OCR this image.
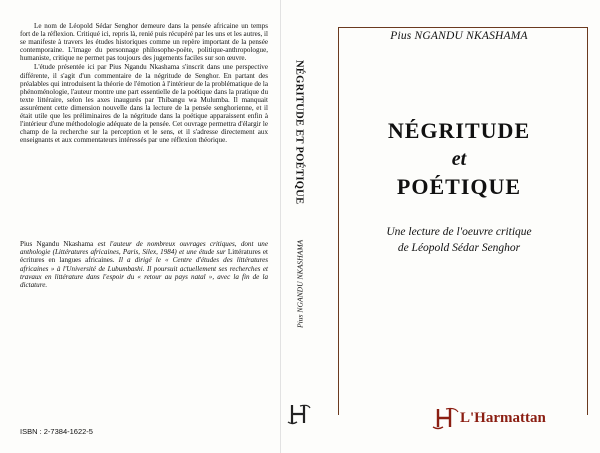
Le nom de Léopold Sédar Senghor demeure dans la pensée africaine un temps fort de la réflexion. Critiqué ici, repris là, renié puis récupéré par les uns et les autres, il se manifeste à travers les études historiques comme un repère important de la pensée contemporaine. L'image du personnage philosophe-poète, politique-anthropologue, humaniste, critique ne permet pas toujours des jugements faciles sur son œuvre.

L'étude présentée ici par Pius Ngandu Nkashama s'inscrit dans une perspective différente, il s'agit d'un commentaire de la négritude de Senghor. En partant des préalables qui introduisent la théorie de l'émotion à l'intérieur de la problématique de la phénoménologie, l'auteur montre une part essentielle de la poétique dans la pratique du texte littéraire, selon les axes inaugurés par Thibangu wa Mulumba. Il manquait assurément cette dimension nouvelle dans la lecture de la pensée senghorienne, et il était utile que les préliminaires de la négritude dans la poétique apparaissent enfin à l'intérieur d'une méthodologie adéquate de la pensée. Cet ouvrage permettra d'élargir le champ de la recherche sur la perception et le sens, et il s'adresse directement aux enseignants et aux commentateurs intéressés par une réflexion théorique.

Pius Ngandu Nkashama est l'auteur de nombreux ouvrages critiques, dont une anthologie (Littératures africaines, Paris, Silex, 1984) et une étude sur Littératures et écritures en langues africaines. Il a dirigé le « Centre d'études des littératures africaines » à l'Université de Lubumbashi. Il poursuit actuellement ses recherches et travaux en littérature dans l'espoir du « retour au pays natal », avec la fin de la dictature.
ISBN : 2-7384-1622-5
NÉGRITUDE ET POÉTIQUE
Pius NGANDU NKASHAMA
Pius NGANDU NKASHAMA
NÉGRITUDE
et
POÉTIQUE
Une lecture de l'oeuvre critique
de Léopold Sédar Senghor
L'Harmattan
